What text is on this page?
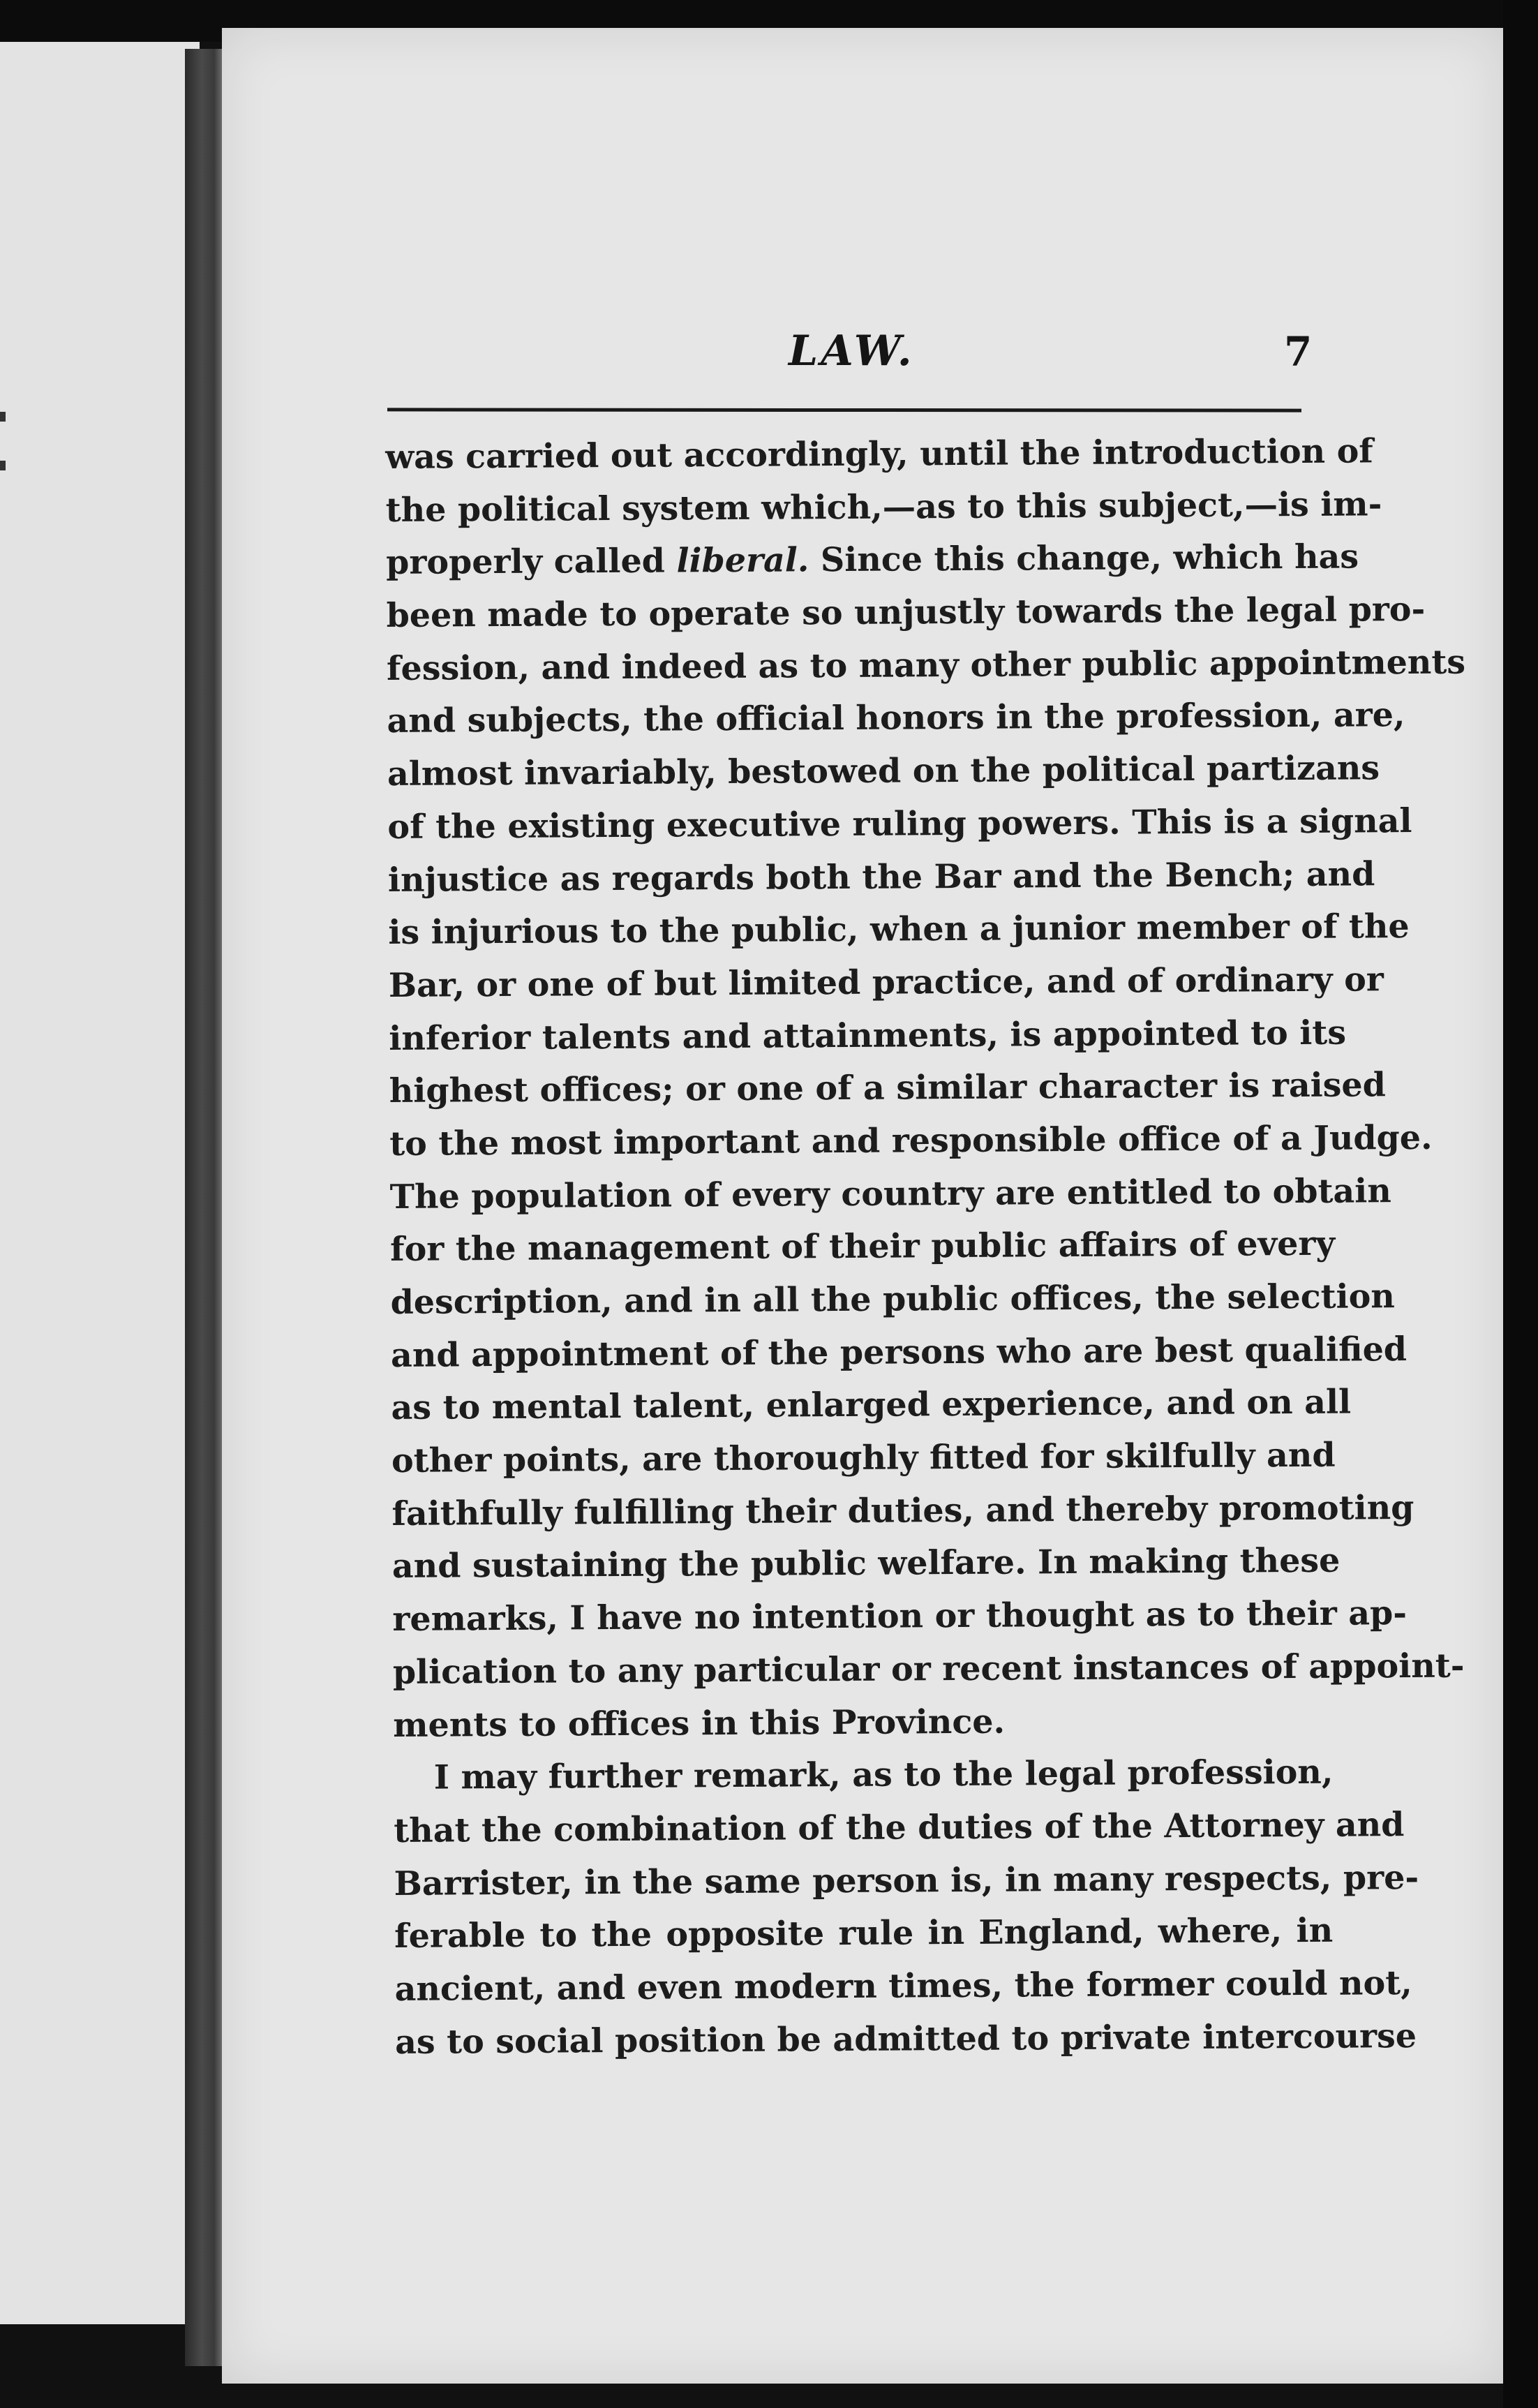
LAW.	7
was carried out accordingly, until the introduction of
the political system which,—as to this subject,—is im-
properly called liberal. Since this change, which has
been made to operate so unjustly towards the legal pro-
fession, and indeed as to many other public appointments
and subjects, the official honors in the profession, are,
almost invariably, bestowed on the political partizans
of the existing executive ruling powers. This is a signal
injustice as regards both the Bar and the Bench; and
is injurious to the public, when a junior member of the
Bar, or one of but limited practice, and of ordinary or
inferior talents and attainments, is appointed to its
highest offices; or one of a similar character is raised
to the most important and responsible office of a Judge.
The population of every country are entitled to obtain
for the management of their public affairs of every
description, and in all the public offices, the selection
and appointment of the persons who are best qualified
as to mental talent, enlarged experience, and on all
other points, are thoroughly fitted for skilfully and
faithfully fulfilling their duties, and thereby promoting
and sustaining the public welfare. In making these
remarks, I have no intention or thought as to their ap-
plication to any particular or recent instances of appoint-
ments to offices in this Province.
I may further remark, as to the legal profession,
that the combination of the duties of the Attorney and
Barrister, in the same person is, in many respects, pre-
ferable to the opposite rule in England, where, in
ancient, and even modern times, the former could not,
as to social position be admitted to private intercourse
